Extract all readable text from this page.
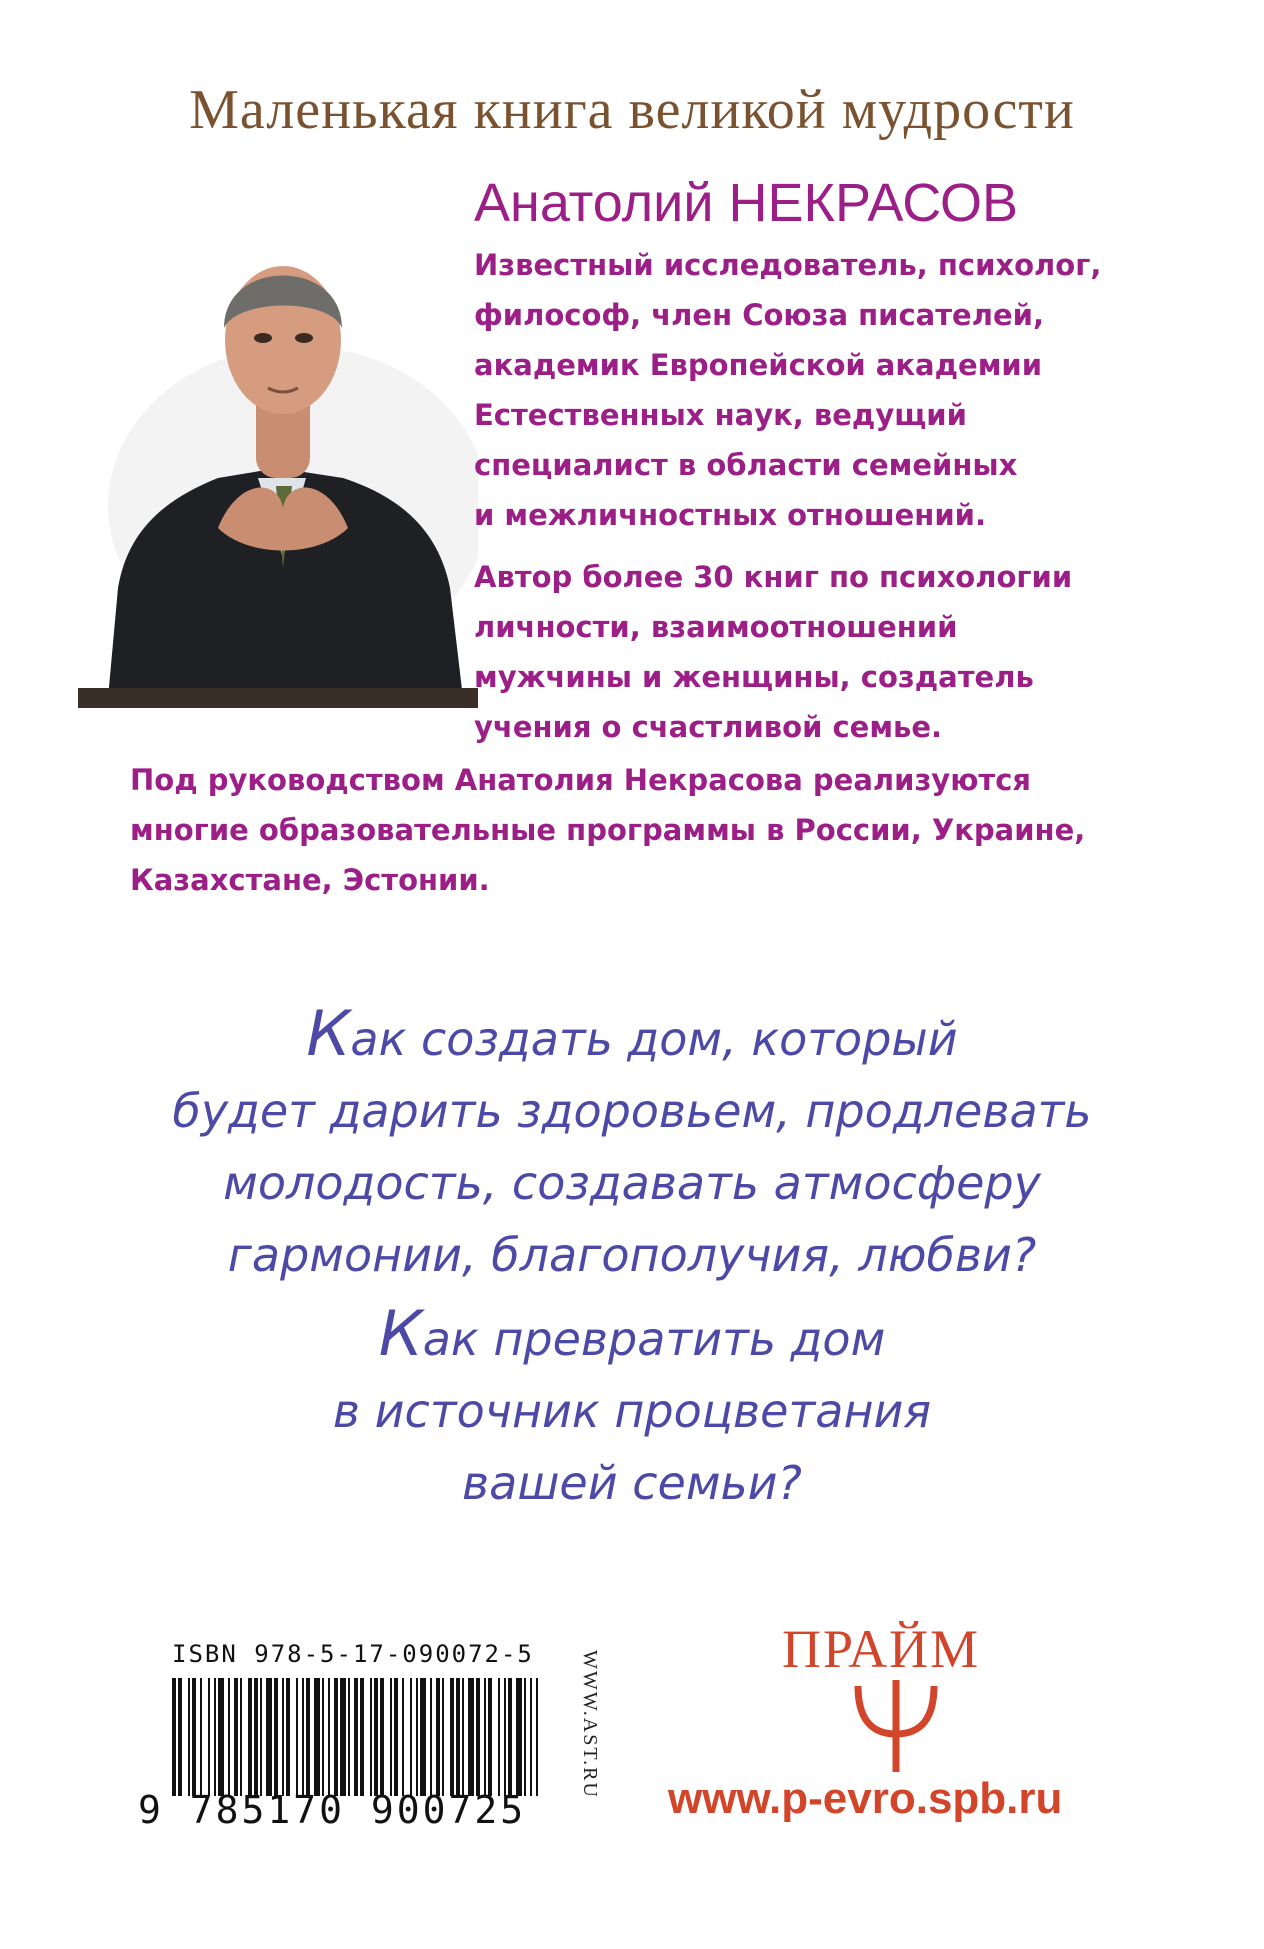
Маленькая книга великой мудрости
Анатолий НЕКРАСОВ

Известный исследователь, психолог,

философ, член Союза писателей,

академик Европейской академии

Естественных наук, ведущий

специалист в области семейных

и межличностных отношений.

Автор более 30 книг по психологии

личности, взаимоотношений

мужчины и женщины, создатель

учения о счастливой семье.

Под руководством Анатолия Некрасова реализуются

многие образовательные программы в России, Украине,

Казахстане, Эстонии.

Как создать дом, который

будет дарить здоровьем, продлевать

молодость, создавать атмосферу

гармонии, благополучия, любви?

Как превратить дом

в источник процветания

вашей семьи?

ISBN 978-5-17-090072-5
9 785170 900725
WWW.AST.RU
ПРАЙМ
www.p-evro.spb.ru
